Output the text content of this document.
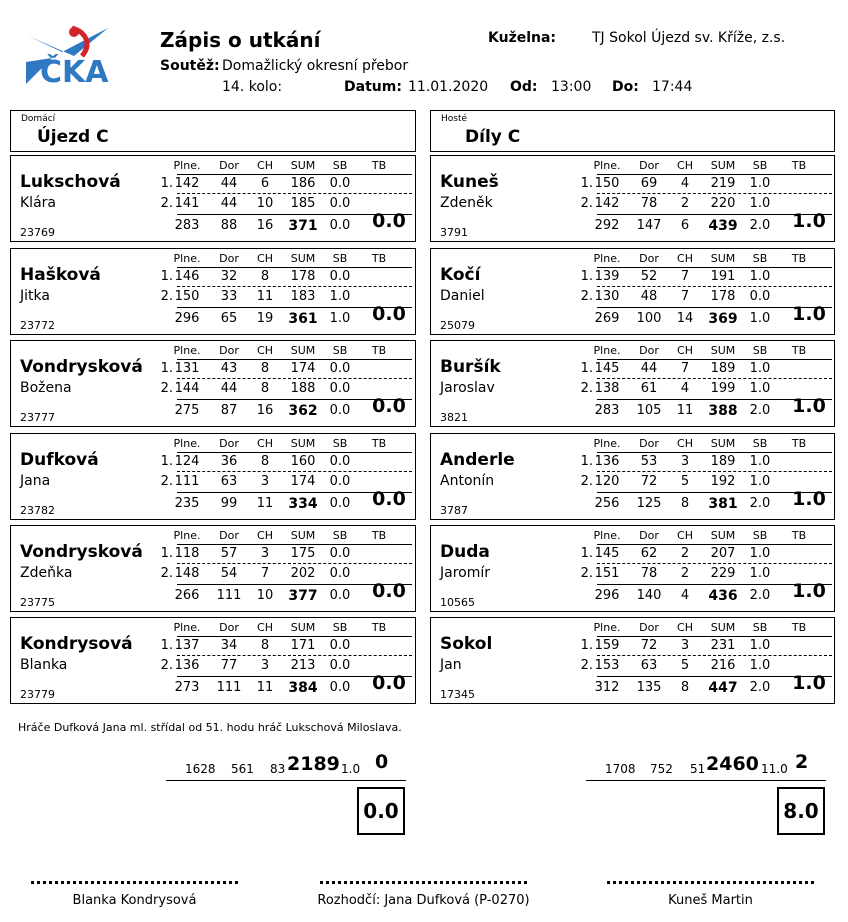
ČKA
Zápis o utkání
Soutěž: Domažlický okresní přebor
14. kolo:	Datum: 11.01.2020 Od: 13:00 Do: 17:44
Kuželna:	TJ Sokol Újezd sv. Kříže, z.s.
Domácí
Újezd C
Hosté
Díly C
Lukschová
Klára
23769
Plne.	Dor	CH	SUM	SB	TB
1. 142	44	6	186	0.0
2. 141	44	10	185	0.0
283	88	16	371 0.0	0.0
Kuneš
Zdeněk
3791
Plne.	Dor	CH	SUM	SB	TB
1. 150	69	4	219	1.0
2. 142	78	2	220	1.0
292	147	6	439 2.0	1.0
Hašková
Jitka
23772
Plne.	Dor	CH	SUM	SB	TB
1. 146	32	8	178	0.0
2. 150	33	11	183	1.0
296	65	19	361 1.0	0.0
Kočí
Daniel
25079
Plne.	Dor	CH	SUM	SB	TB
1. 139	52	7	191	1.0
2. 130	48	7	178	0.0
269	100	14	369 1.0	1.0
Vondrysková
Božena
23777
Plne.	Dor	CH	SUM	SB	TB
1. 131	43	8	174	0.0
2. 144	44	8	188	0.0
275	87	16	362 0.0	0.0
Buršík
Jaroslav
3821
Plne.	Dor	CH	SUM	SB	TB
1. 145	44	7	189	1.0
2. 138	61	4	199	1.0
283	105	11	388 2.0	1.0
Dufková
Jana
23782
Plne.	Dor	CH	SUM	SB	TB
1. 124	36	8	160	0.0
2. 111	63	3	174	0.0
235	99	11	334 0.0	0.0
Anderle
Antonín
3787
Plne.	Dor	CH	SUM	SB	TB
1. 136	53	3	189	1.0
2. 120	72	5	192	1.0
256	125	8	381 2.0	1.0
Vondrysková
Zdeňka
23775
Plne.	Dor	CH	SUM	SB	TB
1. 118	57	3	175	0.0
2. 148	54	7	202	0.0
266	111	10	377 0.0	0.0
Duda
Jaromír
10565
Plne.	Dor	CH	SUM	SB	TB
1. 145	62	2	207	1.0
2. 151	78	2	229	1.0
296	140	4	436 2.0	1.0
Kondrysová
Blanka
23779
Plne.	Dor	CH	SUM	SB	TB
1. 137	34	8	171	0.0
2. 136	77	3	213	0.0
273	111	11	384 0.0	0.0
Sokol
Jan
17345
Plne.	Dor	CH	SUM	SB	TB
1. 159	72	3	231	1.0
2. 153	63	5	216	1.0
312	135	8	447 2.0	1.0
Hráče Dufková Jana ml. střídal od 51. hodu hráč Lukschová Miloslava.
1628 561 83 2189 1.0 0
0.0
1708 752 51 2460 11.0 2
8.0
Blanka Kondrysová	Rozhodčí: Jana Dufková (P-0270)	Kuneš Martin
